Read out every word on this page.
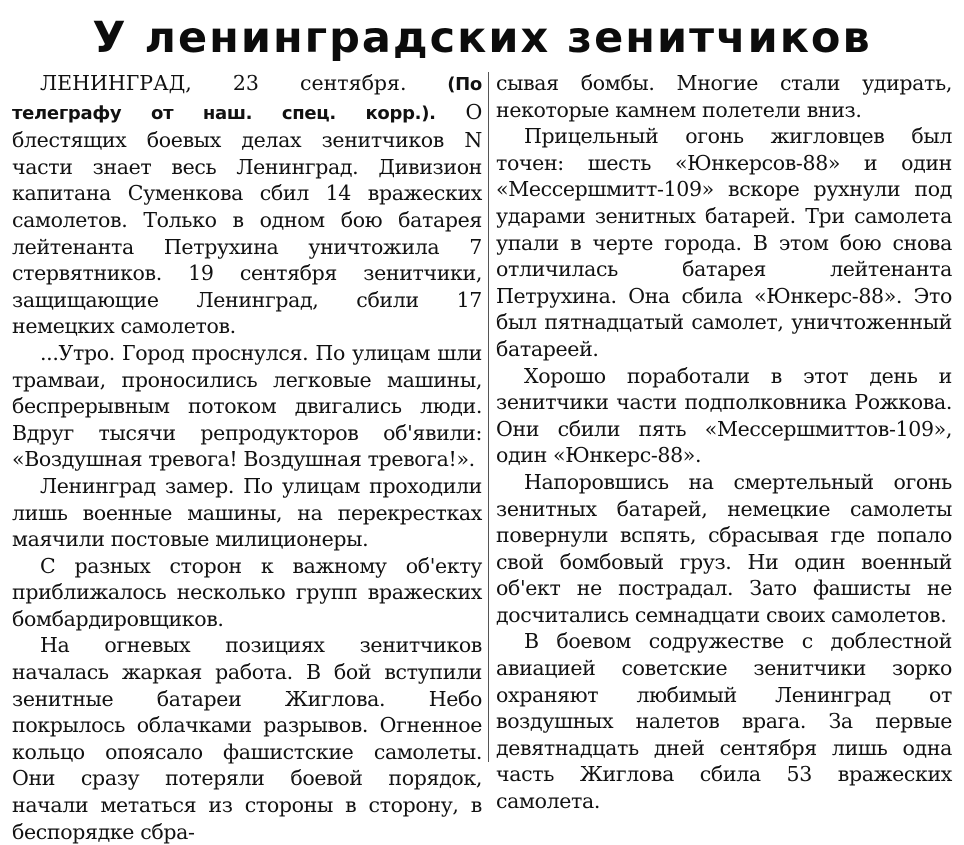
У ленинградских зенитчиков

ЛЕНИНГРАД, 23 сентября. (По телеграфу от наш. спец. корр.). О блестящих боевых делах зенитчиков N части знает весь Ленинград. Дивизион капитана Суменкова сбил 14 вражеских самолетов. Только в одном бою батарея лейтенанта Петрухина уничтожила 7 стервятников. 19 сентября зенитчики, защищающие Ленинград, сбили 17 немецких самолетов.

...Утро. Город проснулся. По улицам шли трамваи, проносились легковые машины, беспрерывным потоком двигались люди. Вдруг тысячи репродукторов об'явили: «Воздушная тревога! Воздушная тревога!».

Ленинград замер. По улицам проходили лишь военные машины, на перекрестках маячили постовые милиционеры.

С разных сторон к важному об'екту приближалось несколько групп вражеских бомбардировщиков.

На огневых позициях зенитчиков началась жаркая работа. В бой вступили зенитные батареи Жиглова. Небо покрылось облачками разрывов. Огненное кольцо опоясало фашистские самолеты. Они сразу потеряли боевой порядок, начали метаться из стороны в сторону, в беспорядке сбра-

сывая бомбы. Многие стали удирать, некоторые камнем полетели вниз.

Прицельный огонь жигловцев был точен: шесть «Юнкерсов-88» и один «Мессершмитт-109» вскоре рухнули под ударами зенитных батарей. Три самолета упали в черте города. В этом бою снова отличилась батарея лейтенанта Петрухина. Она сбила «Юнкерс-88». Это был пятнадцатый самолет, уничтоженный батареей.

Хорошо поработали в этот день и зенитчики части подполковника Рожкова. Они сбили пять «Мессершмиттов-109», один «Юнкерс-88».

Напоровшись на смертельный огонь зенитных батарей, немецкие самолеты повернули вспять, сбрасывая где попало свой бомбовый груз. Ни один военный об'ект не пострадал. Зато фашисты не досчитались семнадцати своих самолетов.

В боевом содружестве с доблестной авиацией советские зенитчики зорко охраняют любимый Ленинград от воздушных налетов врага. За первые девятнадцать дней сентября лишь одна часть Жиглова сбила 53 вражеских самолета.
